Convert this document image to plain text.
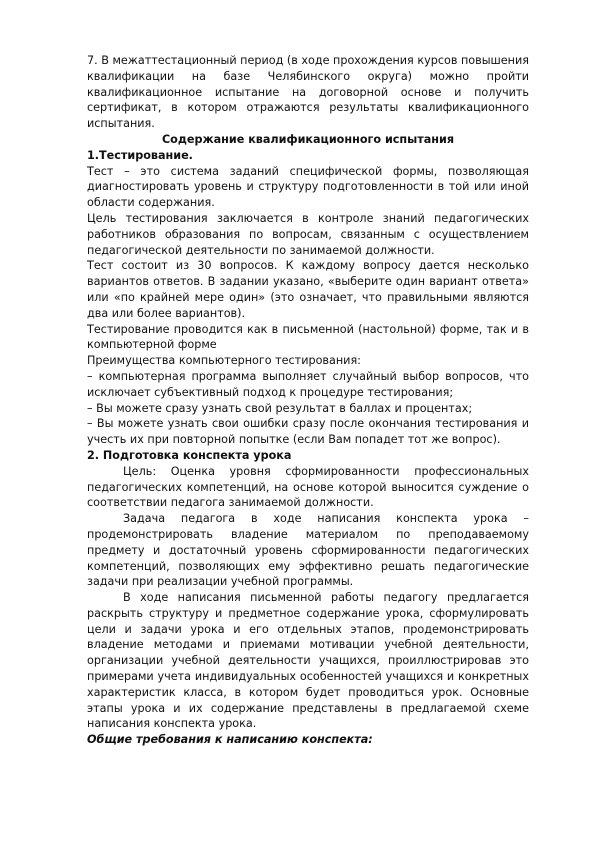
7. В межаттестационный период (в ходе прохождения курсов повышения квалификации на базе Челябинского округа) можно пройти квалификационное испытание на договорной основе и получить сертификат, в котором отражаются результаты квалификационного испытания.

Содержание квалификационного испытания

1.Тестирование.

Тест – это система заданий специфической формы, позволяющая диагностировать уровень и структуру подготовленности в той или иной области содержания.

Цель тестирования заключается в контроле знаний педагогических работников образования по вопросам, связанным с осуществлением педагогической деятельности по занимаемой должности.

Тест состоит из 30 вопросов. К каждому вопросу дается несколько вариантов ответов. В задании указано, «выберите один вариант ответа» или «по крайней мере один» (это означает, что правильными являются два или более вариантов).

Тестирование проводится как в письменной (настольной) форме, так и в компьютерной форме

Преимущества компьютерного тестирования:

– компьютерная программа выполняет случайный выбор вопросов, что исключает субъективный подход к процедуре тестирования;

– Вы можете сразу узнать свой результат в баллах и процентах;

– Вы можете узнать свои ошибки сразу после окончания тестирования и учесть их при повторной попытке (если Вам попадет тот же вопрос).

2. Подготовка конспекта урока

Цель: Оценка уровня сформированности профессиональных педагогических компетенций, на основе которой выносится суждение о соответствии педагога занимаемой должности.

Задача педагога в ходе написания конспекта урока – продемонстрировать владение материалом по преподаваемому предмету и достаточный уровень сформированности педагогических компетенций, позволяющих ему эффективно решать педагогические задачи при реализации учебной программы.

В ходе написания письменной работы педагогу предлагается раскрыть структуру и предметное содержание урока, сформулировать цели и задачи урока и его отдельных этапов, продемонстрировать владение методами и приемами мотивации учебной деятельности, организации учебной деятельности учащихся, проиллюстрировав это примерами учета индивидуальных особенностей учащихся и конкретных характеристик класса, в котором будет проводиться урок. Основные этапы урока и их содержание представлены в предлагаемой схеме написания конспекта урока.

Общие требования к написанию конспекта:
